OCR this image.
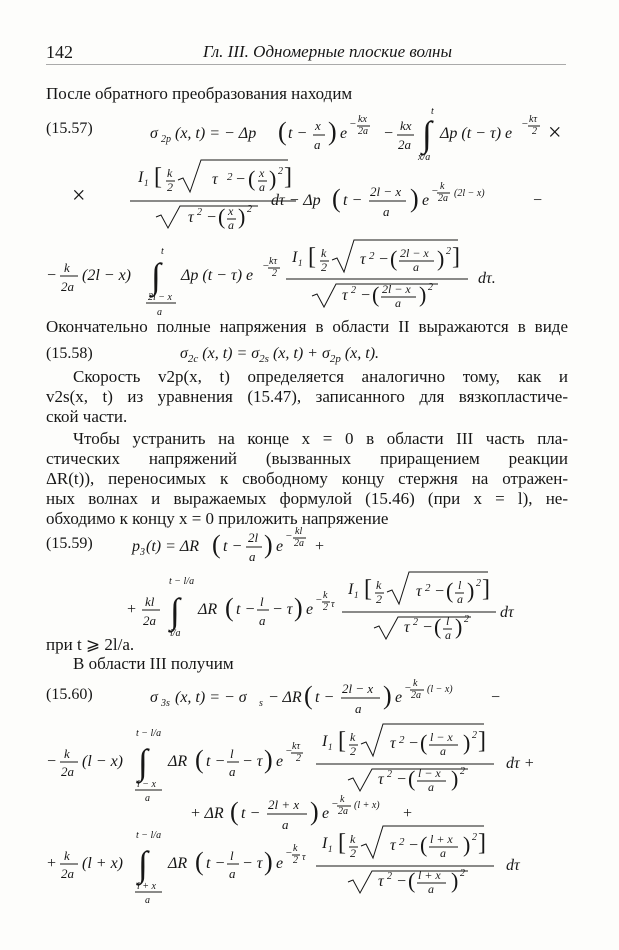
142	Гл. III. Одномерные плоские волны
После обратного преобразования находим
(15.57)	σ 2p (x, t) = − Δp ( t − x
a ) e
− kx
2a − kx
2a ∫
t
x/a
Δp (t − τ) e
− kτ
2 ×
×
I 1 [ k
2
2
τ − ( x
a ) 2 ]
τ 2 − ( x
a ) 2
dτ − Δp ( t −
2l − x
a ) e
− k
2a (2l − x)	−
− k
2a
(2l − x) ∫
t
2l − x
a
Δp (t − τ) e
− kτ
2
I 1 [ k
2 τ 2 − ( 2l − x
a ) 2 ]
τ 2 − ( 2l − x
a ) 2
dτ.
Окончательно полные напряжения в области II выражаются в виде
(15.58)	$\sigma_{2c}$ (x, $t) = \sigma_{2s}$ (x, $t) + \sigma_{2p}$ (x, t).
Скорость v2p(x, t) определяется аналогично тому, как и
v2s(x, t) из уравнения (15.47), записанного для вязкопластиче-
ской части.
Чтобы устранить на конце x = 0 в области III часть пла-
стических напряжений (вызванных приращением реакции
ΔR(t)), переносимых к свободному концу стержня на отражен-
ных волнах и выражаемых формулой (15.46) (при x = l), не-
обходимо к концу x = 0 приложить напряжение
(15.59) p 3 (t) = ΔR ( t −
2l
a ) e
− kl
2a +
+ kl
2a ∫
t − l/a
l/a
ΔR ( t − l
a
− τ ) e
− k
2 τ
I 1 [ k
2 τ 2 − ( l
a ) 2 ]
τ 2 − ( l
a ) 2 dτ
при t ⩾ 2l/a.
В области III получим
(15.60)	σ 3s (x, t) = − σ s − ΔR ( t −
2l − x
a ) e
− k
2a
(l − x) −
− k
2a
(l − x) ∫
t − l/a
l − x
a
ΔR ( t − l
a
− τ ) e
− kτ
2
I 1 [ k
2 τ 2 − ( l − x
a ) 2 ]
τ 2 − ( l − x
a ) 2	dτ +
+ ΔR ( t −
2l + x
a ) e
− k
2a
(l + x) +
+ k
2a
(l + x) ∫
t − l/a
l + x
a
ΔR ( t − l
a
− τ ) e
− k
2 τ
I 1 [ k
2 τ 2 − ( l + x
a ) 2 ]
τ 2 − ( l + x
a ) 2	dτ
